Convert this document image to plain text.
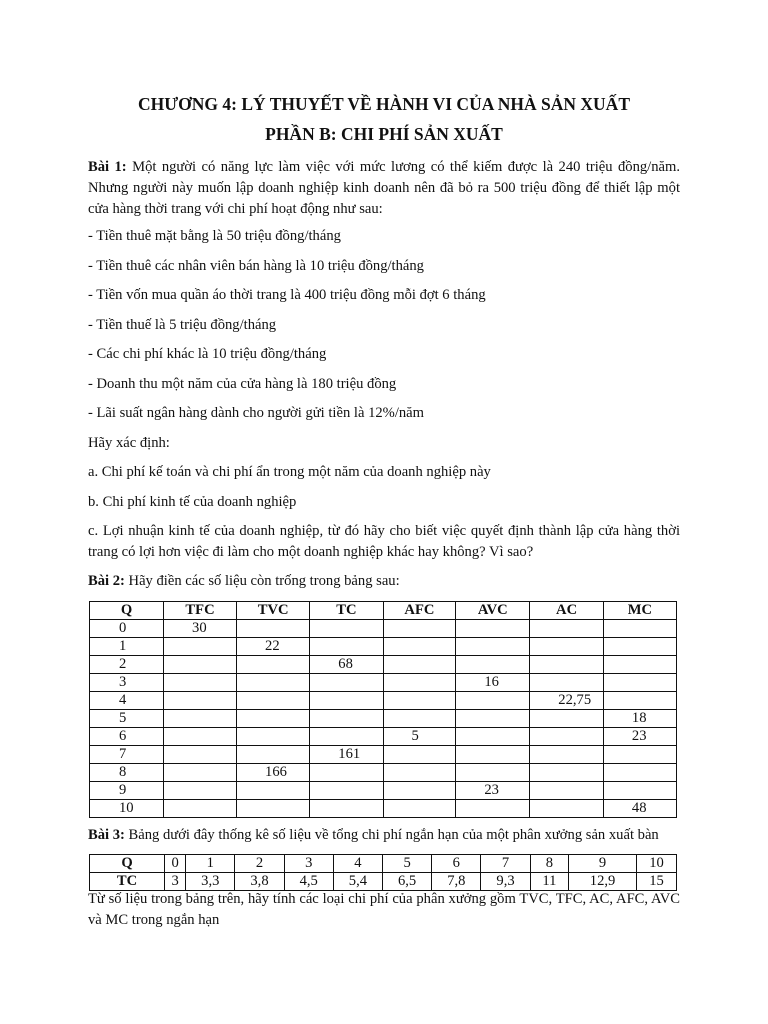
CHƯƠNG 4: LÝ THUYẾT VỀ HÀNH VI CỦA NHÀ SẢN XUẤT
PHẦN B: CHI PHÍ SẢN XUẤT
Bài 1: Một người có năng lực làm việc với mức lương có thể kiếm được là 240 triệu đồng/năm. Nhưng người này muốn lập doanh nghiệp kinh doanh nên đã bỏ ra 500 triệu đồng để thiết lập một cửa hàng thời trang với chi phí hoạt động như sau:
- Tiền thuê mặt bằng là 50 triệu đồng/tháng
- Tiền thuê các nhân viên bán hàng là 10 triệu đồng/tháng
- Tiền vốn mua quần áo thời trang là 400 triệu đồng mỗi đợt 6 tháng
- Tiền thuế là 5 triệu đồng/tháng
- Các chi phí khác là 10 triệu đồng/tháng
- Doanh thu một năm của cửa hàng là 180 triệu đồng
- Lãi suất ngân hàng dành cho người gửi tiền là 12%/năm
Hãy xác định:
a. Chi phí kế toán và chi phí ẩn trong một năm của doanh nghiệp này
b. Chi phí kinh tế của doanh nghiệp
c. Lợi nhuận kinh tế của doanh nghiệp, từ đó hãy cho biết việc quyết định thành lập cửa hàng thời trang có lợi hơn việc đi làm cho một doanh nghiệp khác hay không? Vì sao?
Bài 2: Hãy điền các số liệu còn trống trong bảng sau:
Q	TFC	TVC	TC	AFC	AVC	AC	MC
0	30						
1		22					
2			68				
3					16		
4						22,75	
5							18
6				5			23
7			161				
8		166					
9					23		
10							48
Bài 3: Bảng dưới đây thống kê số liệu về tổng chi phí ngắn hạn của một phân xưởng sản xuất bàn
Q	0	1	2	3	4	5	6	7	8	9	10
TC	3	3,3	3,8	4,5	5,4	6,5	7,8	9,3	11	12,9	15
Từ số liệu trong bảng trên, hãy tính các loại chi phí của phân xưởng gồm TVC, TFC, AC, AFC, AVC và MC trong ngắn hạn
